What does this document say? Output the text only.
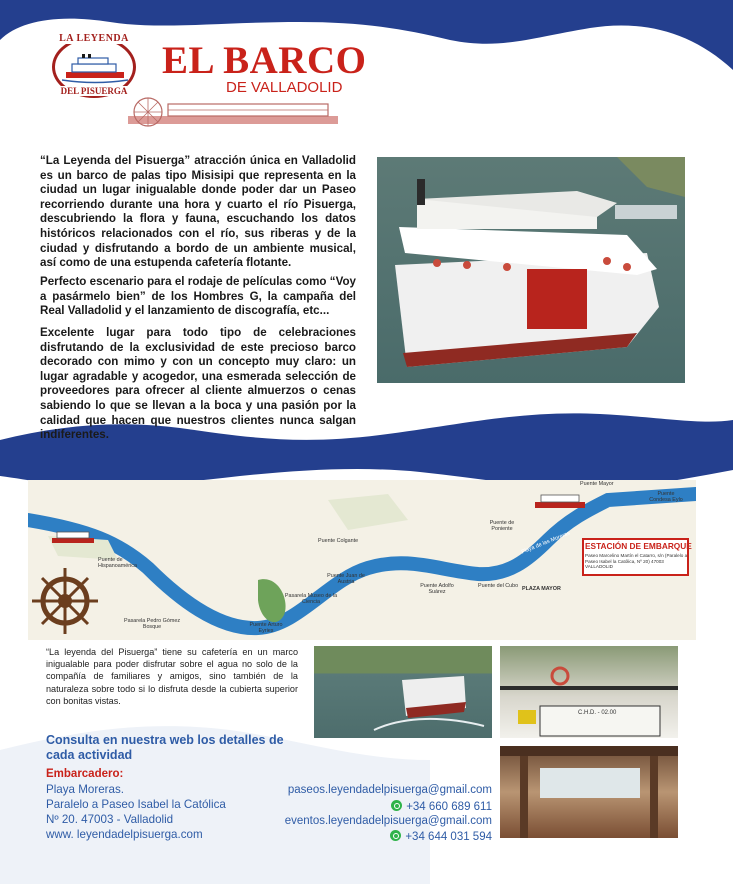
LA LEYENDA
DEL PISUERGA
EL BARCO
DE VALLADOLID

“La Leyenda del Pisuerga” atracción única en Valladolid es un barco de palas tipo Misisipi que representa en la ciudad un lugar inigualable donde poder dar un Paseo recorriendo durante una hora y cuarto el río Pisuerga, descubriendo la flora y fauna, escuchando los datos históricos relacionados con el río, sus riberas y de la ciudad y disfrutando a bordo de un ambiente musical, así como de una estupenda cafetería flotante.

Perfecto escenario para el rodaje de películas como “Voy a pasármelo bien” de los Hombres G, la campaña del Real Valladolid y el lanzamiento de discografía, etc...

Excelente lugar para todo tipo de celebraciones disfrutando de la exclusividad de este precioso barco decorado con mimo y con un concepto muy claro: un lugar agradable y acogedor, una esmerada selección de proveedores para ofrecer al cliente almuerzos o cenas sabiendo lo que se llevan a la boca y una pasión por la calidad que hacen que nuestros clientes nunca salgan indiferentes.

Puente de Hispanoamérica
Pasarela Pedro Gómez Bosque	Puente Arturo Eyries
Pasarela Museo de la Ciencia
Puente Colgante
Puente Juan de Austria
Puente Adolfo Suárez
Puente del Cubo PLAZA MAYOR
Puente de Poniente
Puente Mayor
Puente Condesa Eylo
Playa de las Moreras ESTACIÓN DE EMBARQUE
Paseo Marcelino Martín el Catarro, s/n (Paralelo a Paseo Isabel la Católica, Nº 20) 47003 VALLADOLID

“La leyenda del Pisuerga” tiene su cafetería en un marco inigualable para poder disfrutar sobre el agua no solo de la compañía de familiares y amigos, sino también de la naturaleza sobre todo si lo disfruta desde la cubierta superior con bonitas vistas.

C.H.D. - 02.00
Consulta en nuestra web los detalles de cada actividad
Embarcadero:
Playa Moreras.
Paralelo a Paseo Isabel la Católica
Nº 20. 47003 - Valladolid
www. leyendadelpisuerga.com
paseos.leyendadelpisuerga@gmail.com
+34 660 689 611
eventos.leyendadelpisuerga@gmail.com
+34 644 031 594
